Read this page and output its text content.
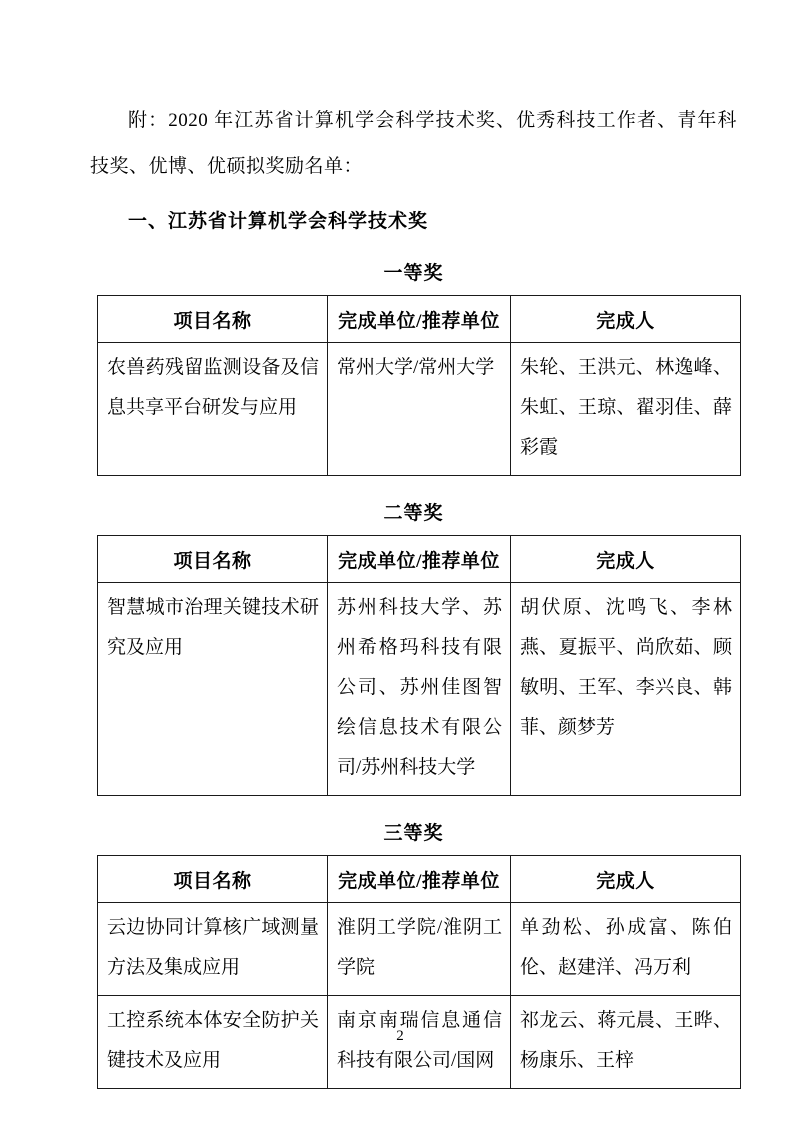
附：2020 年江苏省计算机学会科学技术奖、优秀科技工作者、青年科技奖、优博、优硕拟奖励名单：

一、江苏省计算机学会科学技术奖
一等奖
项目名称	完成单位/推荐单位	完成人
农兽药残留监测设备及信息共享平台研发与应用	常州大学/常州大学	朱轮、王洪元、林逸峰、朱虹、王琼、翟羽佳、薛彩霞
二等奖
项目名称	完成单位/推荐单位	完成人
智慧城市治理关键技术研究及应用	苏州科技大学、苏州希格玛科技有限公司、苏州佳图智绘信息技术有限公司/苏州科技大学	胡伏原、沈鸣飞、李林燕、夏振平、尚欣茹、顾敏明、王军、李兴良、韩菲、颜梦芳
三等奖
项目名称	完成单位/推荐单位	完成人
云边协同计算核广域测量方法及集成应用	淮阴工学院/淮阴工学院	单劲松、孙成富、陈伯伦、赵建洋、冯万利
工控系统本体安全防护关键技术及应用	南京南瑞信息通信科技有限公司/国网	祁龙云、蒋元晨、王晔、杨康乐、王梓
2
